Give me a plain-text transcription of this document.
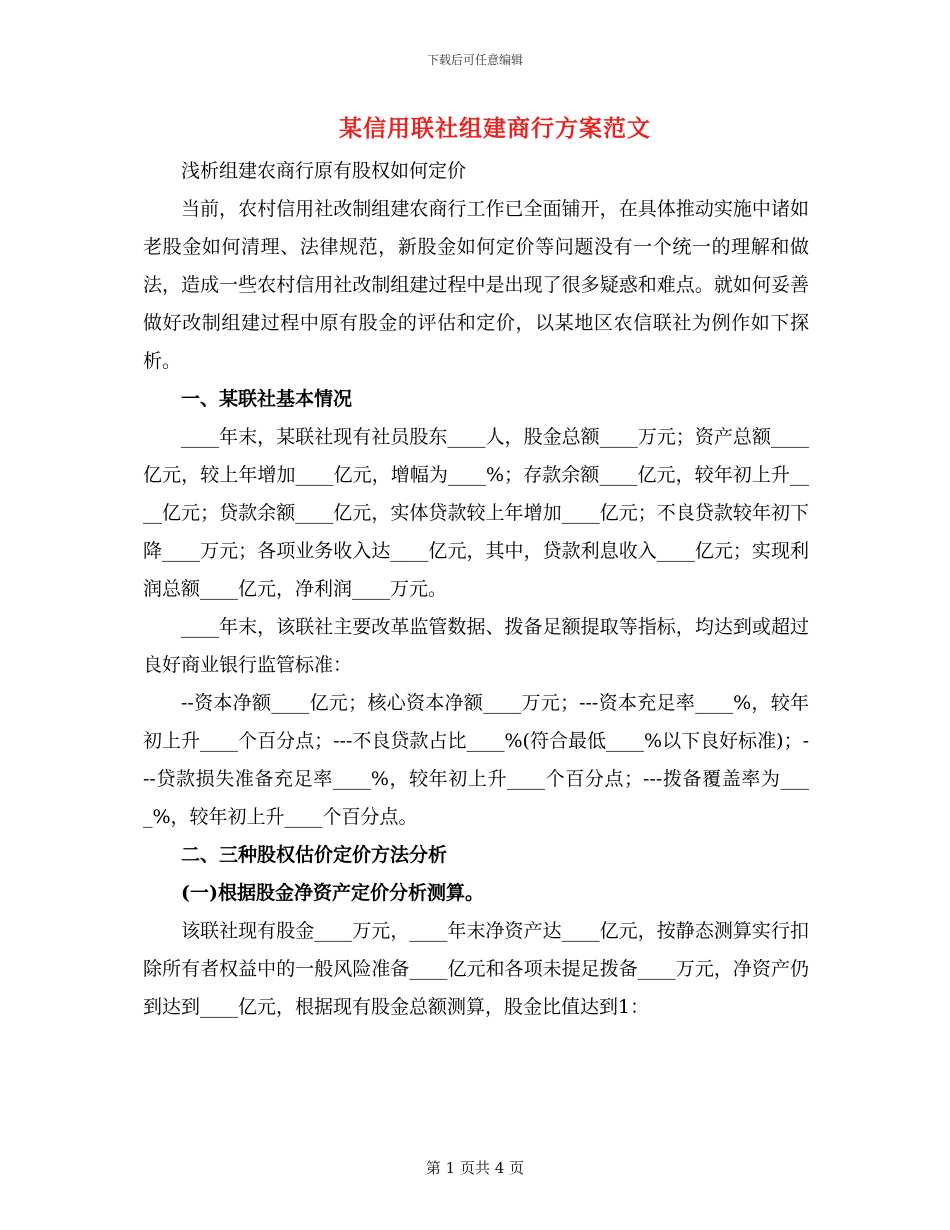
下载后可任意编辑
某信用联社组建商行方案范文

浅析组建农商行原有股权如何定价

当前，农村信用社改制组建农商行工作已全面铺开，在具体推动实施中诸如老股金如何清理、法律规范，新股金如何定价等问题没有一个统一的理解和做法，造成一些农村信用社改制组建过程中是出现了很多疑惑和难点。就如何妥善做好改制组建过程中原有股金的评估和定价，以某地区农信联社为例作如下探析。

一、某联社基本情况

____年末，某联社现有社员股东____人，股金总额____万元；资产总额____亿元，较上年增加____亿元，增幅为____%；存款余额____亿元，较年初上升____亿元；贷款余额____亿元，实体贷款较上年增加____亿元；不良贷款较年初下降____万元；各项业务收入达____亿元，其中，贷款利息收入____亿元；实现利润总额____亿元，净利润____万元。

____年末，该联社主要改革监管数据、拨备足额提取等指标，均达到或超过良好商业银行监管标准：

--资本净额____亿元；核心资本净额____万元；---资本充足率____%，较年初上升____个百分点；---不良贷款占比____%(符合最低____%以下良好标准)；---贷款损失准备充足率____%，较年初上升____个百分点；---拨备覆盖率为____%，较年初上升____个百分点。

二、三种股权估价定价方法分析

(一)根据股金净资产定价分析测算。

该联社现有股金____万元，____年末净资产达____亿元，按静态测算实行扣除所有者权益中的一般风险准备____亿元和各项未提足拨备____万元，净资产仍到达到____亿元，根据现有股金总额测算，股金比值达到1：

第 1 页共 4 页
